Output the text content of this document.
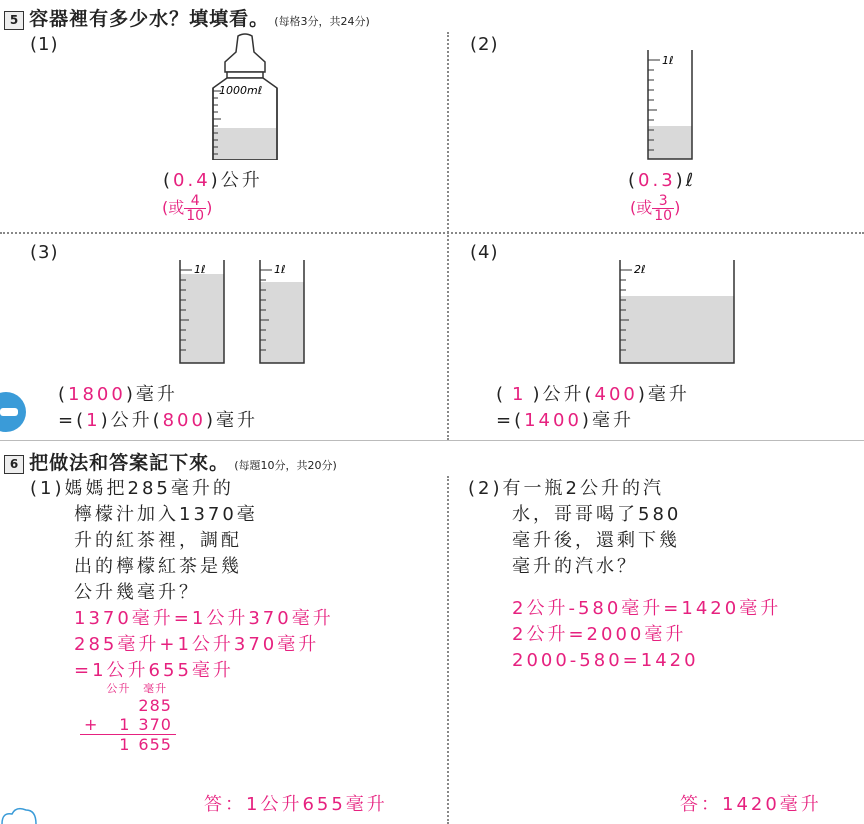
5 容器裡有多少水？填填看。 (每格3分，共24分)
(1)
1000mℓ
(0.4)公升
(或 $\frac{4}{10}$ )
(2)
1ℓ
(0.3)ℓ
(或 $\frac{3}{10}$ )
(3)
1ℓ	1ℓ
(1800)毫升
=(1)公升(800)毫升
(4)
2ℓ
( 1 )公升(400)毫升
=(1400)毫升
6 把做法和答案記下來。 (每題10分，共20分)
(1)媽媽把285毫升的
檸檬汁加入1370毫
升的紅茶裡，調配
出的檸檬紅茶是幾
公升幾毫升？
1370毫升=1公升370毫升
285毫升+1公升370毫升
=1公升655毫升
	公升	毫升
		285
+	1	370
	1	655
答：1公升655毫升
(2)有一瓶2公升的汽
水，哥哥喝了580
毫升後，還剩下幾
毫升的汽水？
2公升-580毫升=1420毫升
2公升=2000毫升
2000-580=1420
答：1420毫升
